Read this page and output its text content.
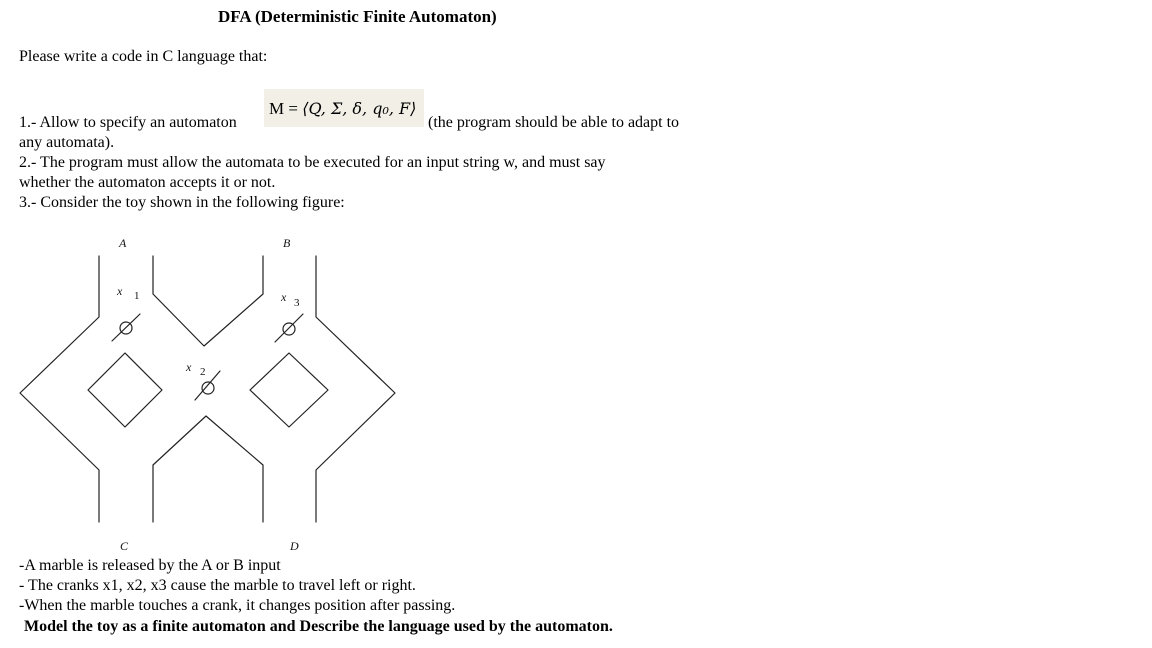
DFA (Deterministic Finite Automaton)
Please write a code in C language that:
M = ⟨Q, Σ, δ, q₀, F⟩
1.- Allow to specify an automaton	(the program should be able to adapt to
any automata).
2.- The program must allow the automata to be executed for an input string w, and must say
whether the automaton accepts it or not.
3.- Consider the toy shown in the following figure:
A	B
C	D
x 1
x 2
x 3
-A marble is released by the A or B input
- The cranks x1, x2, x3 cause the marble to travel left or right.
-When the marble touches a crank, it changes position after passing.
Model the toy as a finite automaton and Describe the language used by the automaton.
